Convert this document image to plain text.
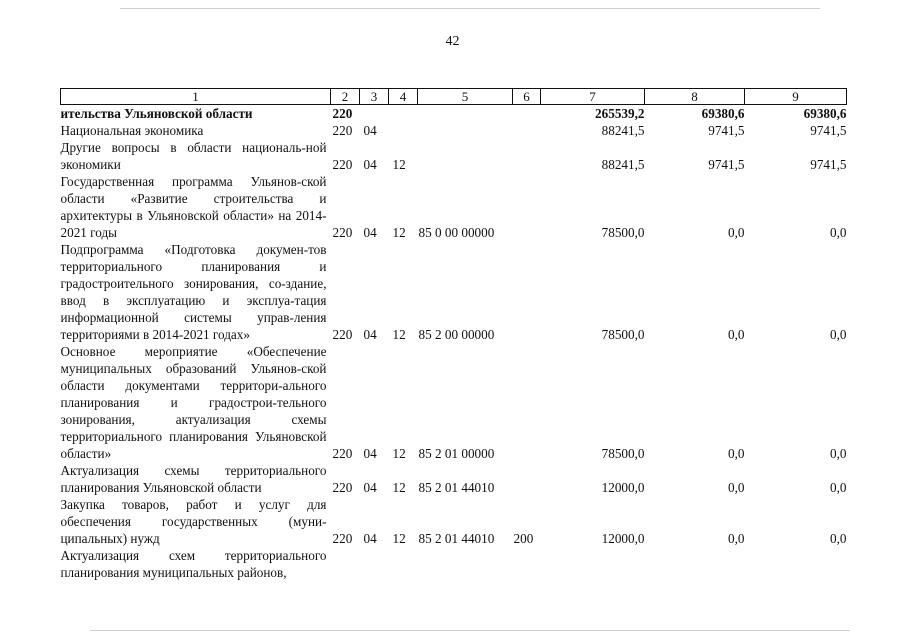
42
1	2	3	4	5	6	7	8	9
ительства Ульяновской области	220					265539,2	69380,6	69380,6
Национальная экономика	220	04				88241,5	9741,5	9741,5
Другие вопросы в области националь-ной экономики	220	04	12			88241,5	9741,5	9741,5
Государственная программа Ульянов-ской области «Развитие строительства и архитектуры в Ульяновской области» на 2014-2021 годы	220	04	12	85 0 00 00000		78500,0	0,0	0,0
Подпрограмма «Подготовка докумен-тов территориального планирования и градостроительного зонирования, со-здание, ввод в эксплуатацию и эксплуа-тация информационной системы управ-ления территориями в 2014-2021 годах»	220	04	12	85 2 00 00000		78500,0	0,0	0,0
Основное мероприятие «Обеспечение муниципальных образований Ульянов-ской области документами территори-ального планирования и градострои-тельного зонирования, актуализация схемы территориального планирования Ульяновской области»	220	04	12	85 2 01 00000		78500,0	0,0	0,0
Актуализация схемы территориального планирования Ульяновской области	220	04	12	85 2 01 44010		12000,0	0,0	0,0
Закупка товаров, работ и услуг для обеспечения государственных (муни-ципальных) нужд	220	04	12	85 2 01 44010	200	12000,0	0,0	0,0
Актуализация схем территориального планирования муниципальных районов,								
